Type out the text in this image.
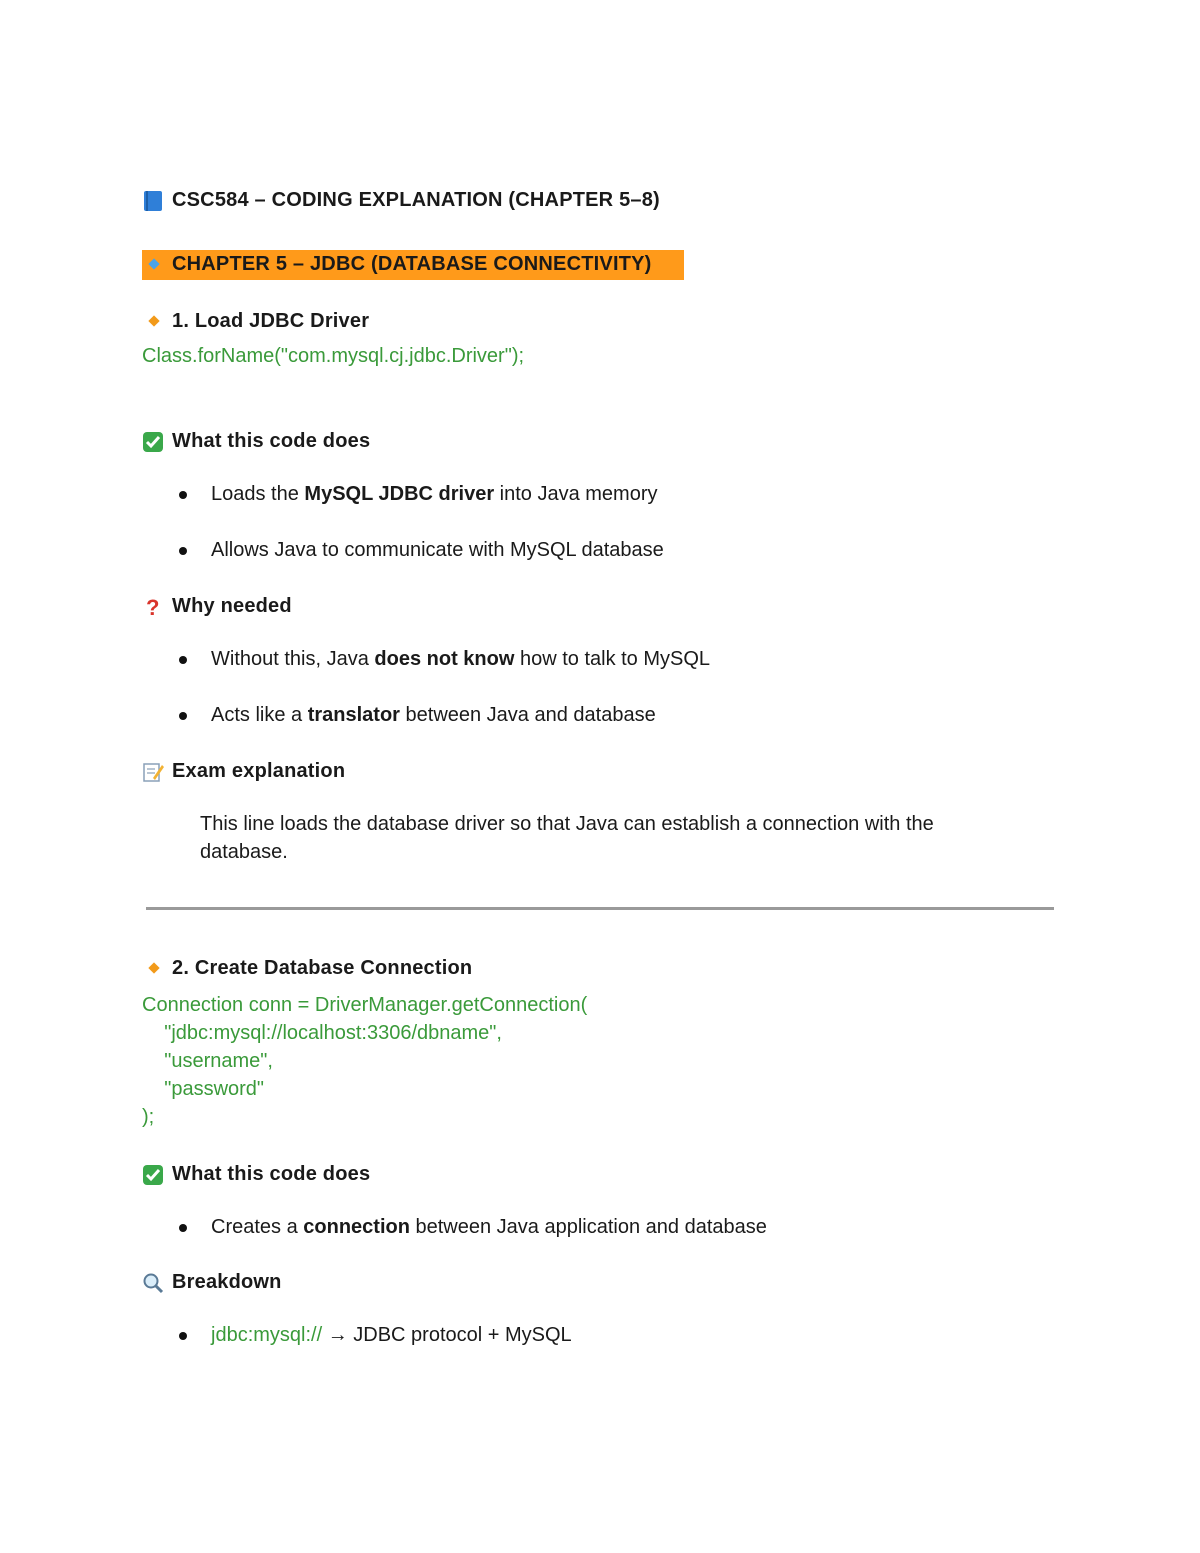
CSC584 – CODING EXPLANATION (CHAPTER 5–8)
CHAPTER 5 – JDBC (DATABASE CONNECTIVITY)
1. Load JDBC Driver
Class.forName("com.mysql.cj.jdbc.Driver");
What this code does
Loads the MySQL JDBC driver into Java memory
Allows Java to communicate with MySQL database
? Why needed
Without this, Java does not know how to talk to MySQL
Acts like a translator between Java and database
Exam explanation
This line loads the database driver so that Java can establish a connection with the
database.
2. Create Database Connection
Connection conn = DriverManager.getConnection(
"jdbc:mysql://localhost:3306/dbname",
"username",
"password"
);
What this code does
Creates a connection between Java application and database
Breakdown
jdbc:mysql:// → JDBC protocol + MySQL
